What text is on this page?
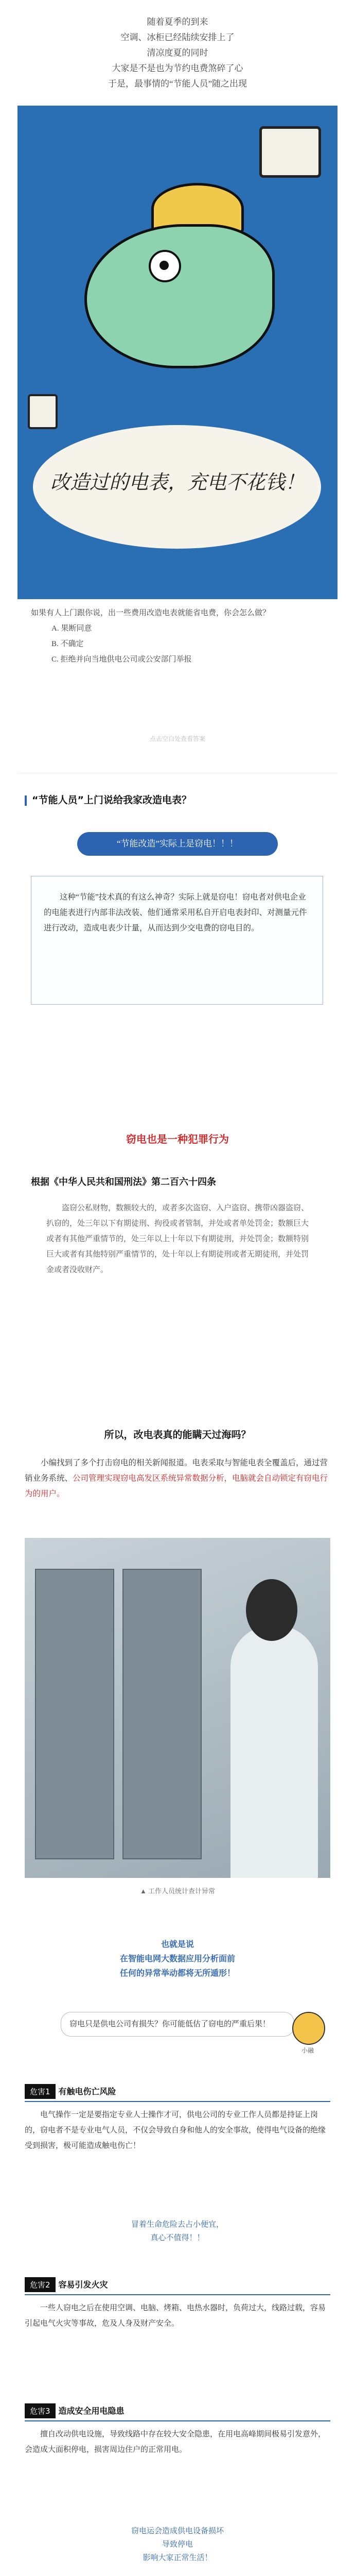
随着夏季的到来

空调、冰柜已经陆续安排上了

清凉度夏的同时

大家是不是也为节约电费煞碎了心

于是，最事情的“节能人员”随之出现

改造过的电表，充电不花钱！

如果有人上门跟你说，出一些费用改造电表就能省电费，你会怎么做？

A. 果断同意

B. 不确定

C. 拒绝并向当地供电公司或公安部门举报

点击空白处查看答案
“节能人员”上门说给我家改造电表？
“节能改造”实际上是窃电！！！

这种“节能”技术真的有这么神奇？实际上就是窃电！窃电者对供电企业的电能表进行内部非法改装、他们通常采用私自开启电表封印、对测量元件进行改动，造成电表少计量，从而达到少交电费的窃电目的。

窃电也是一种犯罪行为
根据《中华人民共和国刑法》第二百六十四条

盗窃公私财物，数额较大的，或者多次盗窃、入户盗窃、携带凶器盗窃、扒窃的，处三年以下有期徒刑、拘役或者管制，并处或者单处罚金；数额巨大或者有其他严重情节的，处三年以上十年以下有期徒刑，并处罚金；数额特别巨大或者有其他特别严重情节的，处十年以上有期徒刑或者无期徒刑，并处罚金或者没收财产。

所以，改电表真的能瞒天过海吗？

小编找到了多个打击窃电的相关新闻报道。电表采取与智能电表全覆盖后，通过营销业务系统、公司管理实现窃电高发区系统异常数据分析，电脑就会自动锁定有窃电行为的用户。

▲ 工作人员统计查计异常
也就是说
在智能电网大数据应用分析面前
任何的异常举动都将无所遁形！
窃电只是供电公司有损失？你可能低估了窃电的严重后果！
小融
危害1 有触电伤亡风险

电气操作一定是要指定专业人士操作才可，供电公司的专业工作人员都是持证上岗的，窃电者不是专业电气人员，不仅会导致自身和他人的安全事故，使得电气设备的绝缘受到损害，极可能造成触电伤亡！

冒着生命危险去占小便宜，
真心不值得！！
危害2 容易引发火灾

一些人窃电之后在使用空调、电脑、烤箱、电热水器时，负荷过大，线路过载，容易引起电气火灾等事故，危及人身及财产安全。

危害3 造成安全用电隐患

擅自改动供电设施，导致线路中存在较大安全隐患，在用电高峰期间极易引发意外，会造成大面积停电，损害周边住户的正常用电。

窃电运会造成供电设备损坏
导致停电
影响大家正常生活！
